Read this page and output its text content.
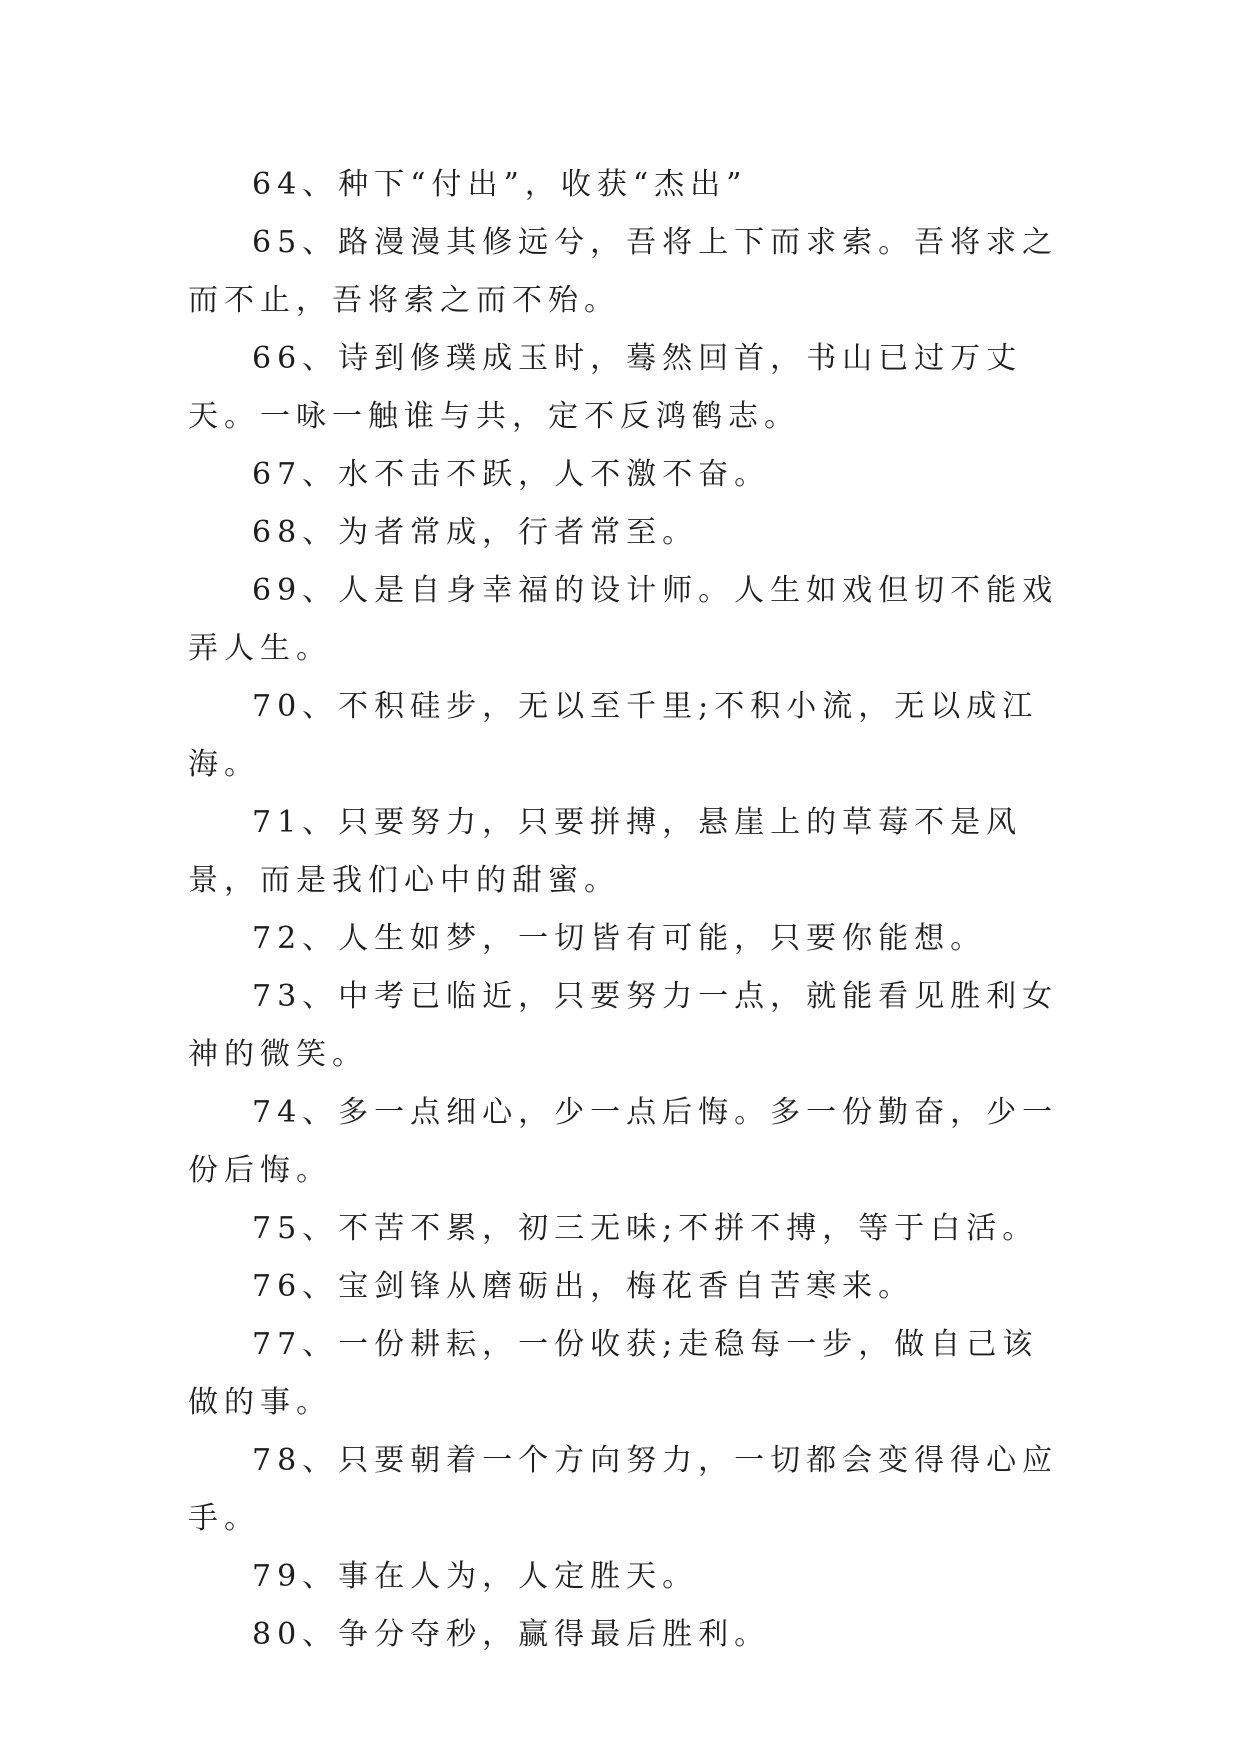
64、种下“付出”，收获“杰出”

65、路漫漫其修远兮，吾将上下而求索。吾将求之而不止，吾将索之而不殆。

66、诗到修璞成玉时，蓦然回首，书山已过万丈天。一咏一触谁与共，定不反鸿鹤志。

67、水不击不跃，人不激不奋。

68、为者常成，行者常至。

69、人是自身幸福的设计师。人生如戏但切不能戏弄人生。

70、不积硅步，无以至千里;不积小流，无以成江海。

71、只要努力，只要拼搏，悬崖上的草莓不是风景，而是我们心中的甜蜜。

72、人生如梦，一切皆有可能，只要你能想。

73、中考已临近，只要努力一点，就能看见胜利女神的微笑。

74、多一点细心，少一点后悔。多一份勤奋，少一份后悔。

75、不苦不累，初三无味;不拼不搏，等于白活。

76、宝剑锋从磨砺出，梅花香自苦寒来。

77、一份耕耘，一份收获;走稳每一步，做自己该做的事。

78、只要朝着一个方向努力，一切都会变得得心应手。

79、事在人为，人定胜天。

80、争分夺秒，赢得最后胜利。
